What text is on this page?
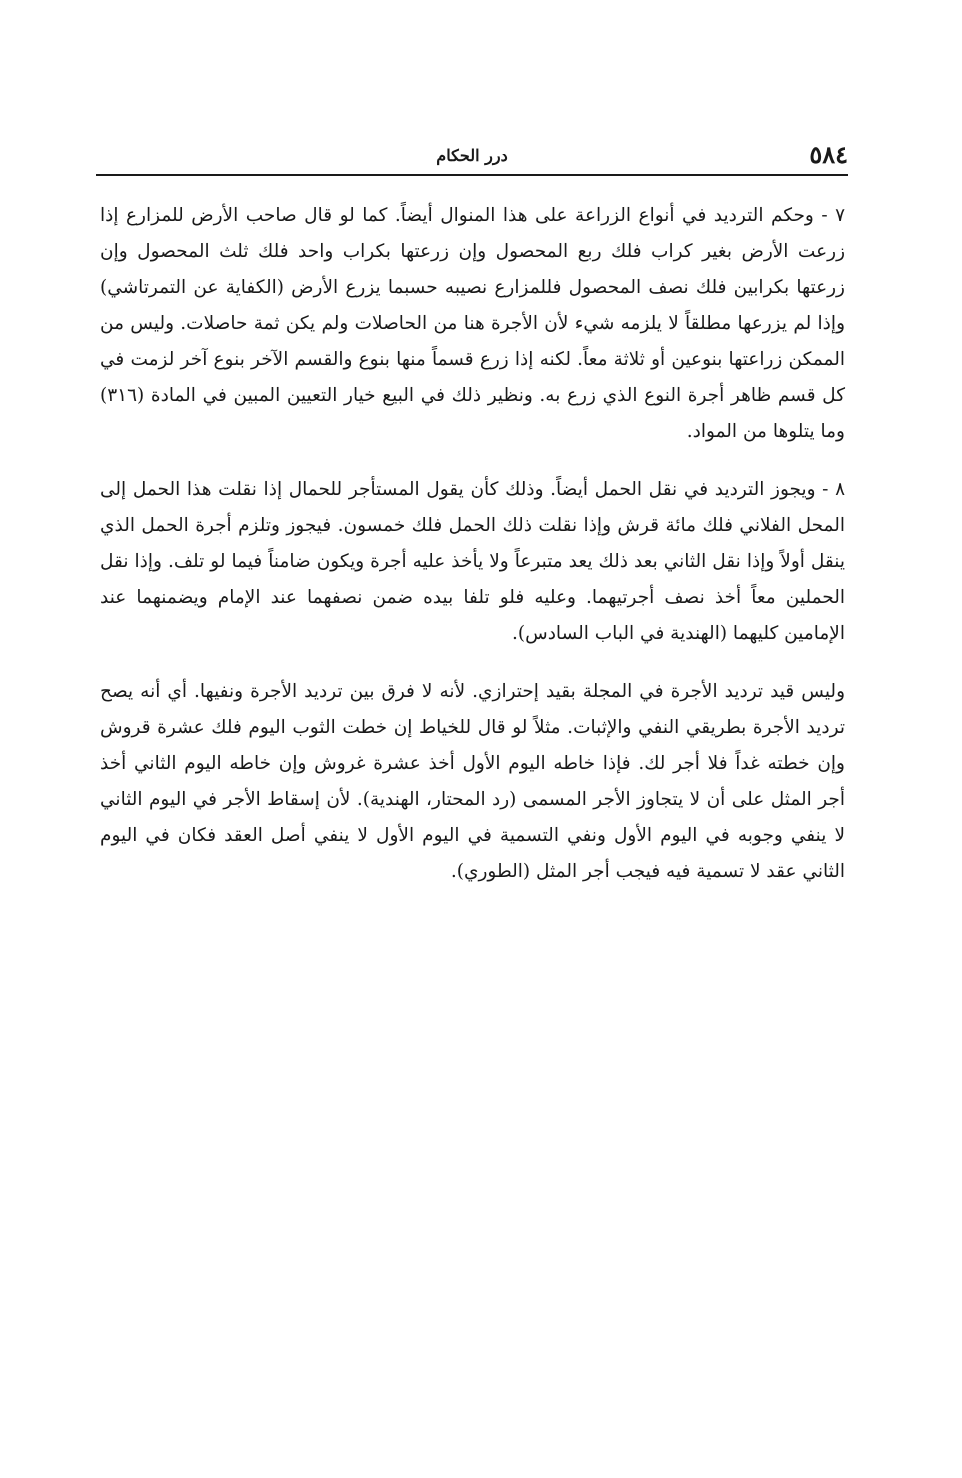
٥٨٤
درر الحكام

٧ - وحكم الترديد في أنواع الزراعة على هذا المنوال أيضاً. كما لو قال صاحب الأرض للمزارع إذا زرعت الأرض بغير كراب فلك ربع المحصول وإن زرعتها بكراب واحد فلك ثلث المحصول وإن زرعتها بكرابين فلك نصف المحصول فللمزارع نصيبه حسبما يزرع الأرض (الكفاية عن التمرتاشي) وإذا لم يزرعها مطلقاً لا يلزمه شيء لأن الأجرة هنا من الحاصلات ولم يكن ثمة حاصلات. وليس من الممكن زراعتها بنوعين أو ثلاثة معاً. لكنه إذا زرع قسماً منها بنوع والقسم الآخر بنوع آخر لزمت في كل قسم ظاهر أجرة النوع الذي زرع به. ونظير ذلك في البيع خيار التعيين المبين في المادة (٣١٦) وما يتلوها من المواد.

٨ - ويجوز الترديد في نقل الحمل أيضاً. وذلك كأن يقول المستأجر للحمال إذا نقلت هذا الحمل إلى المحل الفلاني فلك مائة قرش وإذا نقلت ذلك الحمل فلك خمسون. فيجوز وتلزم أجرة الحمل الذي ينقل أولاً وإذا نقل الثاني بعد ذلك يعد متبرعاً ولا يأخذ عليه أجرة ويكون ضامناً فيما لو تلف. وإذا نقل الحملين معاً أخذ نصف أجرتيهما. وعليه فلو تلفا بيده ضمن نصفهما عند الإمام ويضمنهما عند الإمامين كليهما (الهندية في الباب السادس).

وليس قيد ترديد الأجرة في المجلة بقيد إحترازي. لأنه لا فرق بين ترديد الأجرة ونفيها. أي أنه يصح ترديد الأجرة بطريقي النفي والإثبات. مثلاً لو قال للخياط إن خطت الثوب اليوم فلك عشرة قروش وإن خطته غداً فلا أجر لك. فإذا خاطه اليوم الأول أخذ عشرة غروش وإن خاطه اليوم الثاني أخذ أجر المثل على أن لا يتجاوز الأجر المسمى (رد المحتار، الهندية). لأن إسقاط الأجر في اليوم الثاني لا ينفي وجوبه في اليوم الأول ونفي التسمية في اليوم الأول لا ينفي أصل العقد فكان في اليوم الثاني عقد لا تسمية فيه فيجب أجر المثل (الطوري).
